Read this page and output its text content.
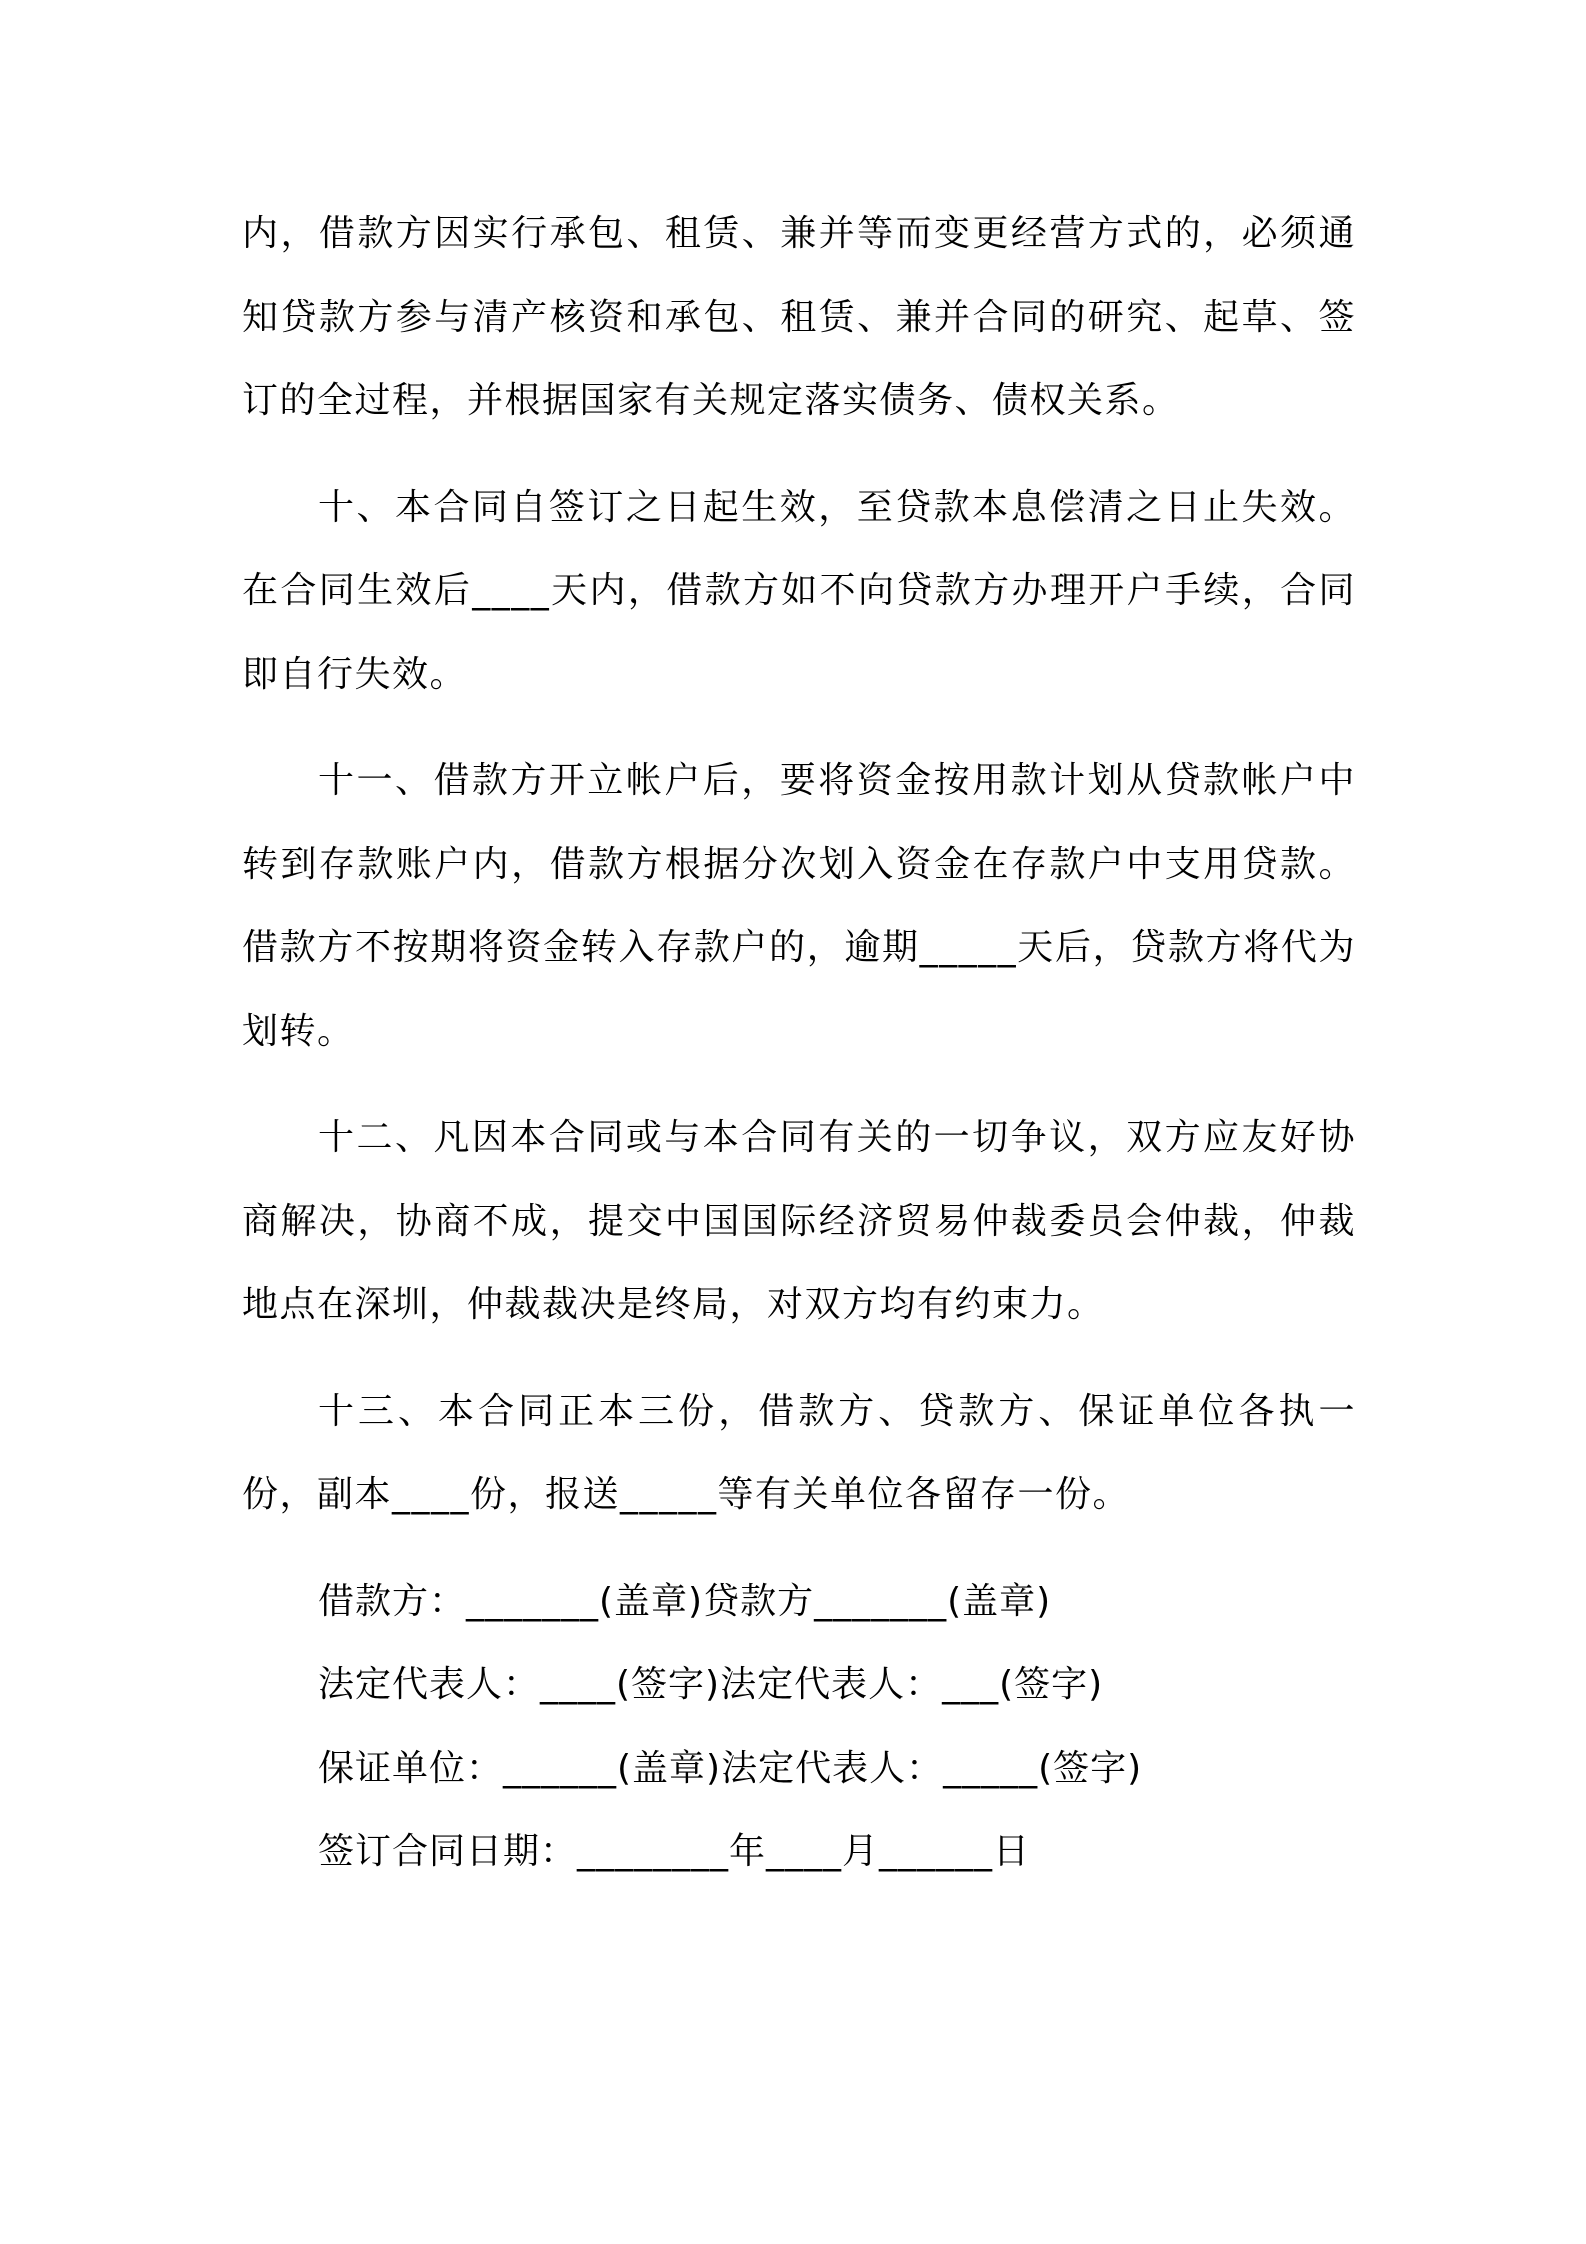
内，借款方因实行承包、租赁、兼并等而变更经营方式的，必须通知贷款方参与清产核资和承包、租赁、兼并合同的研究、起草、签订的全过程，并根据国家有关规定落实债务、债权关系。

十、本合同自签订之日起生效，至贷款本息偿清之日止失效。在合同生效后____天内，借款方如不向贷款方办理开户手续，合同即自行失效。

十一、借款方开立帐户后，要将资金按用款计划从贷款帐户中转到存款账户内，借款方根据分次划入资金在存款户中支用贷款。借款方不按期将资金转入存款户的，逾期_____天后，贷款方将代为划转。

十二、凡因本合同或与本合同有关的一切争议，双方应友好协商解决，协商不成，提交中国国际经济贸易仲裁委员会仲裁，仲裁地点在深圳，仲裁裁决是终局，对双方均有约束力。

十三、本合同正本三份，借款方、贷款方、保证单位各执一份，副本____份，报送_____等有关单位各留存一份。

借款方：_______(盖章)贷款方_______(盖章)
法定代表人：____(签字)法定代表人：___(签字)
保证单位：______(盖章)法定代表人：_____(签字)
签订合同日期：________年____月______日
